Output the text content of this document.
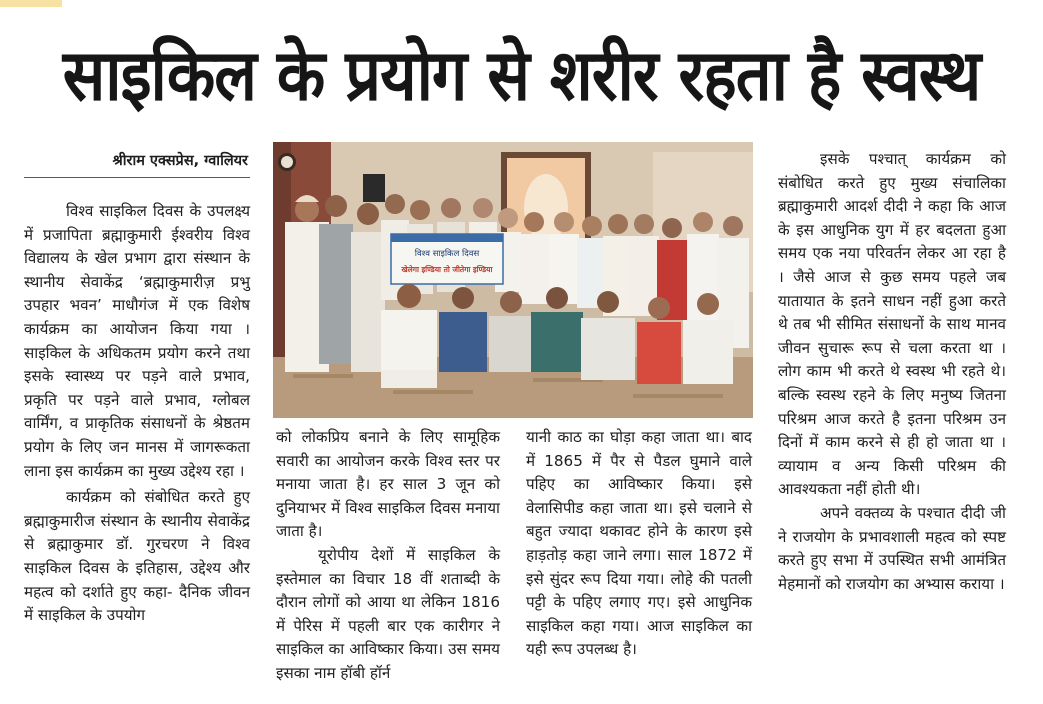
साइकिल के प्रयोग से शरीर रहता है स्वस्थ
श्रीराम एक्सप्रेस, ग्वालियर

विश्व साइकिल दिवस के उपलक्ष्य में प्रजापिता ब्रह्माकुमारी ईश्वरीय विश्व विद्यालय के खेल प्रभाग द्वारा संस्थान के स्थानीय सेवाकेंद्र ‘ब्रह्माकुमारीज़ प्रभु उपहार भवन’ माधौगंज में एक विशेष कार्यक्रम का आयोजन किया गया । साइकिल के अधिकतम प्रयोग करने तथा इसके स्वास्थ्य पर पड़ने वाले प्रभाव, प्रकृति पर पड़ने वाले प्रभाव, ग्लोबल वार्मिंग, व प्राकृतिक संसाधनों के श्रेष्ठतम प्रयोग के लिए जन मानस में जागरूकता लाना इस कार्यक्रम का मुख्य उद्देश्य रहा ।

कार्यक्रम को संबोधित करते हुए ब्रह्माकुमारीज संस्थान के स्थानीय सेवाकेंद्र से ब्रह्माकुमार डॉ. गुरचरण ने विश्व साइकिल दिवस के इतिहास, उद्देश्य और महत्व को दर्शाते हुए कहा- दैनिक जीवन में साइकिल के उपयोग

विश्व साइकिल दिवस
खेलेगा इण्डिया तो जीतेगा इण्डिया

को लोकप्रिय बनाने के लिए सामूहिक सवारी का आयोजन करके विश्व स्तर पर मनाया जाता है। हर साल 3 जून को दुनियाभर में विश्व साइकिल दिवस मनाया जाता है।

यूरोपीय देशों में साइकिल के इस्तेमाल का विचार 18 वीं शताब्दी के दौरान लोगों को आया था लेकिन 1816 में पेरिस में पहली बार एक कारीगर ने साइकिल का आविष्कार किया। उस समय इसका नाम हॉबी हॉर्न

यानी काठ का घोड़ा कहा जाता था। बाद में 1865 में पैर से पैडल घुमाने वाले पहिए का आविष्कार किया। इसे वेलासिपीड कहा जाता था। इसे चलाने से बहुत ज्यादा थकावट होने के कारण इसे हाड़तोड़ कहा जाने लगा। साल 1872 में इसे सुंदर रूप दिया गया। लोहे की पतली पट्टी के पहिए लगाए गए। इसे आधुनिक साइकिल कहा गया। आज साइकिल का यही रूप उपलब्ध है।

इसके पश्चात् कार्यक्रम को संबोधित करते हुए मुख्य संचालिका ब्रह्माकुमारी आदर्श दीदी ने कहा कि आज के इस आधुनिक युग में हर बदलता हुआ समय एक नया परिवर्तन लेकर आ रहा है । जैसे आज से कुछ समय पहले जब यातायात के इतने साधन नहीं हुआ करते थे तब भी सीमित संसाधनों के साथ मानव जीवन सुचारू रूप से चला करता था । लोग काम भी करते थे स्वस्थ भी रहते थे। बल्कि स्वस्थ रहने के लिए मनुष्य जितना परिश्रम आज करते है इतना परिश्रम उन दिनों में काम करने से ही हो जाता था । व्यायाम व अन्य किसी परिश्रम की आवश्यकता नहीं होती थी।

अपने वक्तव्य के पश्चात दीदी जी ने राजयोग के प्रभावशाली महत्व को स्पष्ट करते हुए सभा में उपस्थित सभी आमंत्रित मेहमानों को राजयोग का अभ्यास कराया ।
